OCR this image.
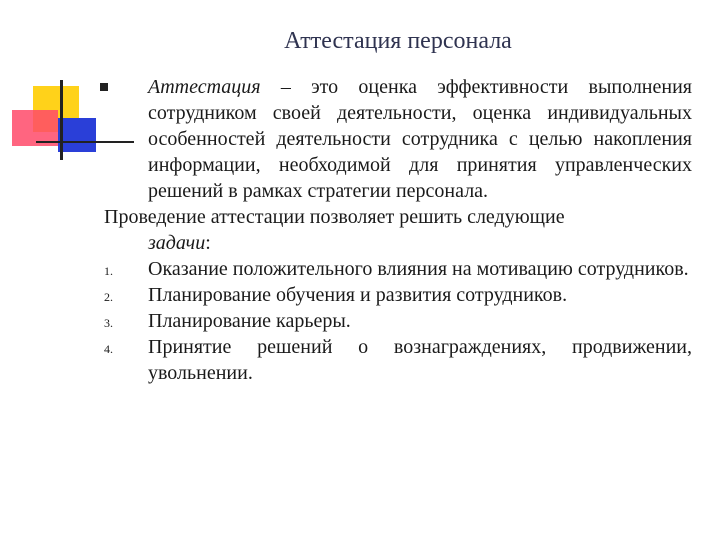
Аттестация персонала
Аттестация – это оценка эффективности выполнения сотрудником своей деятельности, оценка индивидуальных особенностей деятельности сотрудника с целью накопления информации, необходимой для принятия управленческих решений в рамках стратегии персонала.
Проведение аттестации позволяет решить следующие
задачи:
1. Оказание положительного влияния на мотивацию сотрудников.
2. Планирование обучения и развития сотрудников.
3. Планирование карьеры.
4. Принятие решений о вознаграждениях, продвижении, увольнении.
